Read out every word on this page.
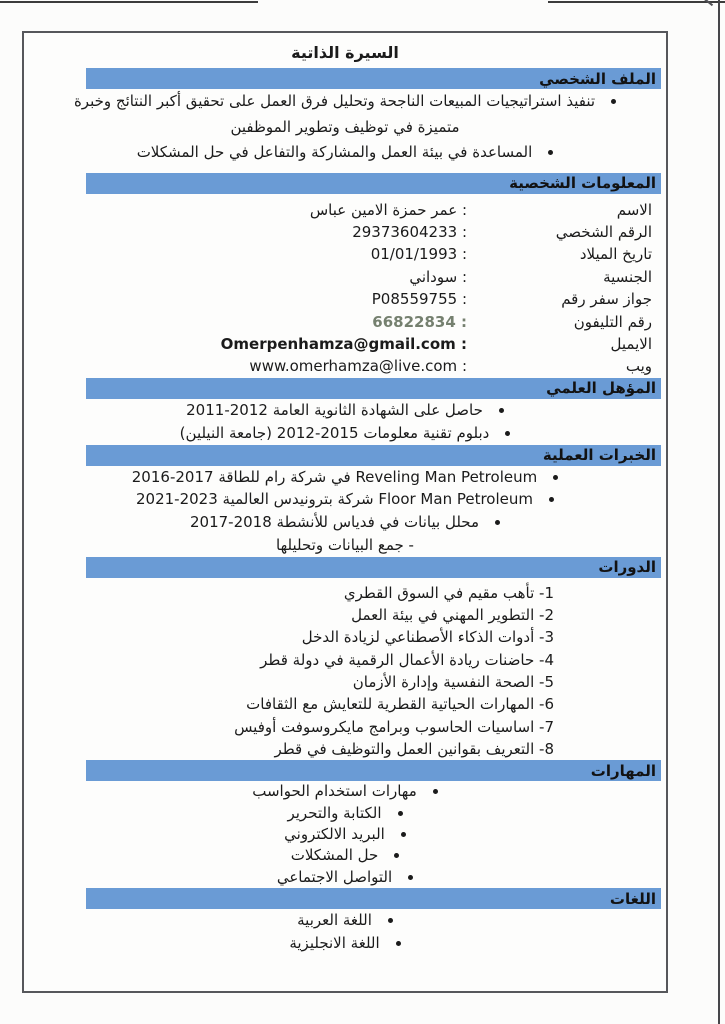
السيرة الذاتية
الملف الشخصي
• تنفيذ استراتيجيات المبيعات الناجحة وتحليل فرق العمل على تحقيق أكبر النتائج وخبرة متميزة في توظيف وتطوير الموظفين
• المساعدة في بيئة العمل والمشاركة والتفاعل في حل المشكلات
المعلومات الشخصية
الاسم
: عمر حمزة الامين عباس
الرقم الشخصي
: 29373604233
تاريخ الميلاد
: 01/01/1993
الجنسية
: سوداني
جواز سفر رقم
: P08559755
رقم التليفون
: 66822834
الايميل
: Omerpenhamza@gmail.com
ويب
: www.omerhamza@live.com
المؤهل العلمي
• حاصل على الشهادة الثانوية العامة 2012-2011
• دبلوم تقنية معلومات 2015-2012 (جامعة النيلين)
الخبرات العملية
• Reveling Man Petroleum في شركة رام للطاقة 2017-2016
• Floor Man Petroleum شركة بترونيدس العالمية 2023-2021
• محلل بيانات في فدياس للأنشطة 2018-2017
- جمع البيانات وتحليلها
الدورات
1- تأهب مقيم في السوق القطري
2- التطوير المهني في بيئة العمل
3- أدوات الذكاء الأصطناعي لزيادة الدخل
4- حاضنات ريادة الأعمال الرقمية في دولة قطر
5- الصحة النفسية وإدارة الأزمان
6- المهارات الحياتية القطرية للتعايش مع الثقافات
7- اساسيات الحاسوب وبرامج مايكروسوفت أوفيس
8- التعريف بقوانين العمل والتوظيف في قطر
المهارات
• مهارات استخدام الحواسب
• الكتابة والتحرير
• البريد الالكتروني
• حل المشكلات
• التواصل الاجتماعي
اللغات
• اللغة العربية
• اللغة الانجليزية
